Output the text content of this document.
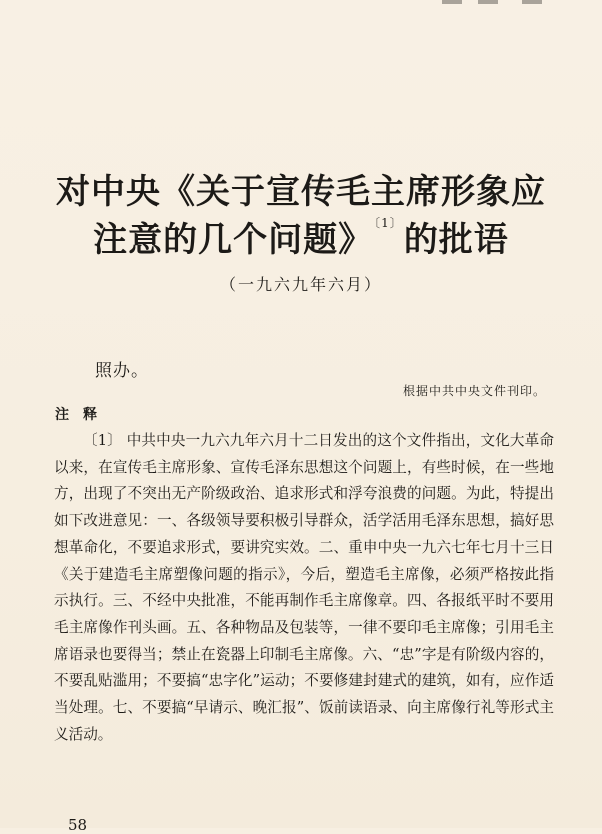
对中央《关于宣传毛主席形象应
注意的几个问题》$^{〔1〕}$的批语
（一九六九年六月）
照办。
根据中共中央文件刊印。
注释

〔1〕 中共中央一九六九年六月十二日发出的这个文件指出，文化大革命以来，在宣传毛主席形象、宣传毛泽东思想这个问题上，有些时候，在一些地方，出现了不突出无产阶级政治、追求形式和浮夸浪费的问题。为此，特提出如下改进意见：一、各级领导要积极引导群众，活学活用毛泽东思想，搞好思想革命化，不要追求形式，要讲究实效。二、重申中央一九六七年七月十三日《关于建造毛主席塑像问题的指示》，今后，塑造毛主席像，必须严格按此指示执行。三、不经中央批准，不能再制作毛主席像章。四、各报纸平时不要用毛主席像作刊头画。五、各种物品及包装等，一律不要印毛主席像；引用毛主席语录也要得当；禁止在瓷器上印制毛主席像。六、“忠”字是有阶级内容的，不要乱贴滥用；不要搞“忠字化”运动；不要修建封建式的建筑，如有，应作适当处理。七、不要搞“早请示、晚汇报”、饭前读语录、向主席像行礼等形式主义活动。

58
